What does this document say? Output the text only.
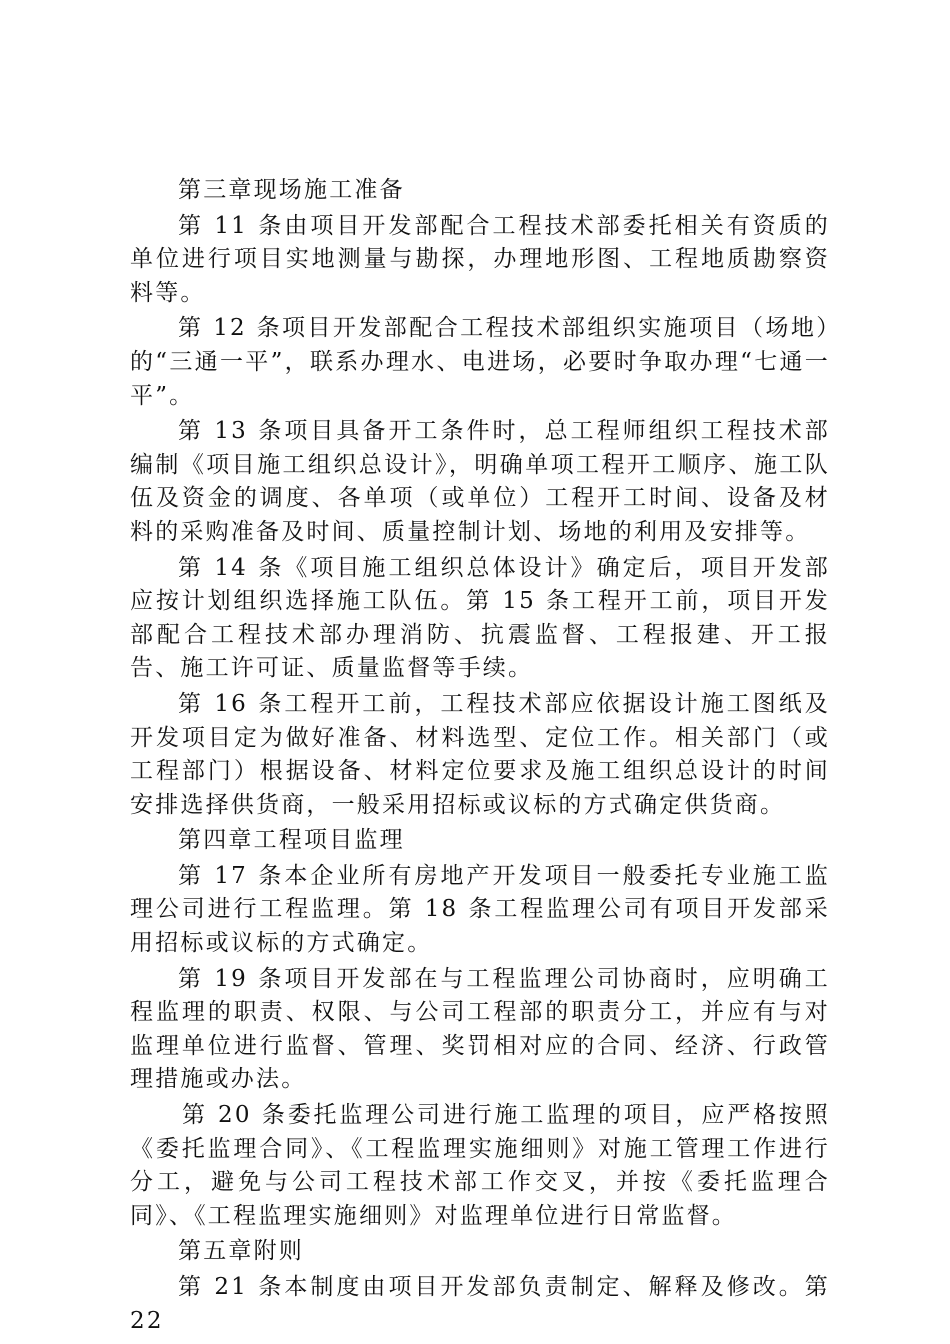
第三章现场施工准备

第 11 条由项目开发部配合工程技术部委托相关有资质的单位进行项目实地测量与勘探，办理地形图、工程地质勘察资料等。

第 12 条项目开发部配合工程技术部组织实施项目（场地）的“三通一平”，联系办理水、电进场，必要时争取办理“七通一平”。

第 13 条项目具备开工条件时，总工程师组织工程技术部编制《项目施工组织总设计》，明确单项工程开工顺序、施工队伍及资金的调度、各单项（或单位）工程开工时间、设备及材料的采购准备及时间、质量控制计划、场地的利用及安排等。

第 14 条《项目施工组织总体设计》确定后，项目开发部应按计划组织选择施工队伍。第 15 条工程开工前，项目开发部配合工程技术部办理消防、抗震监督、工程报建、开工报告、施工许可证、质量监督等手续。

第 16 条工程开工前，工程技术部应依据设计施工图纸及开发项目定为做好准备、材料选型、定位工作。相关部门（或工程部门）根据设备、材料定位要求及施工组织总设计的时间安排选择供货商，一般采用招标或议标的方式确定供货商。

第四章工程项目监理

第 17 条本企业所有房地产开发项目一般委托专业施工监理公司进行工程监理。第 18 条工程监理公司有项目开发部采用招标或议标的方式确定。

第 19 条项目开发部在与工程监理公司协商时，应明确工程监理的职责、权限、与公司工程部的职责分工，并应有与对监理单位进行监督、管理、奖罚相对应的合同、经济、行政管理措施或办法。

第 20 条委托监理公司进行施工监理的项目，应严格按照《委托监理合同》、《工程监理实施细则》对施工管理工作进行分工，避免与公司工程技术部工作交叉，并按《委托监理合同》、《工程监理实施细则》对监理单位进行日常监督。

第五章附则

第 21 条本制度由项目开发部负责制定、解释及修改。第 22
